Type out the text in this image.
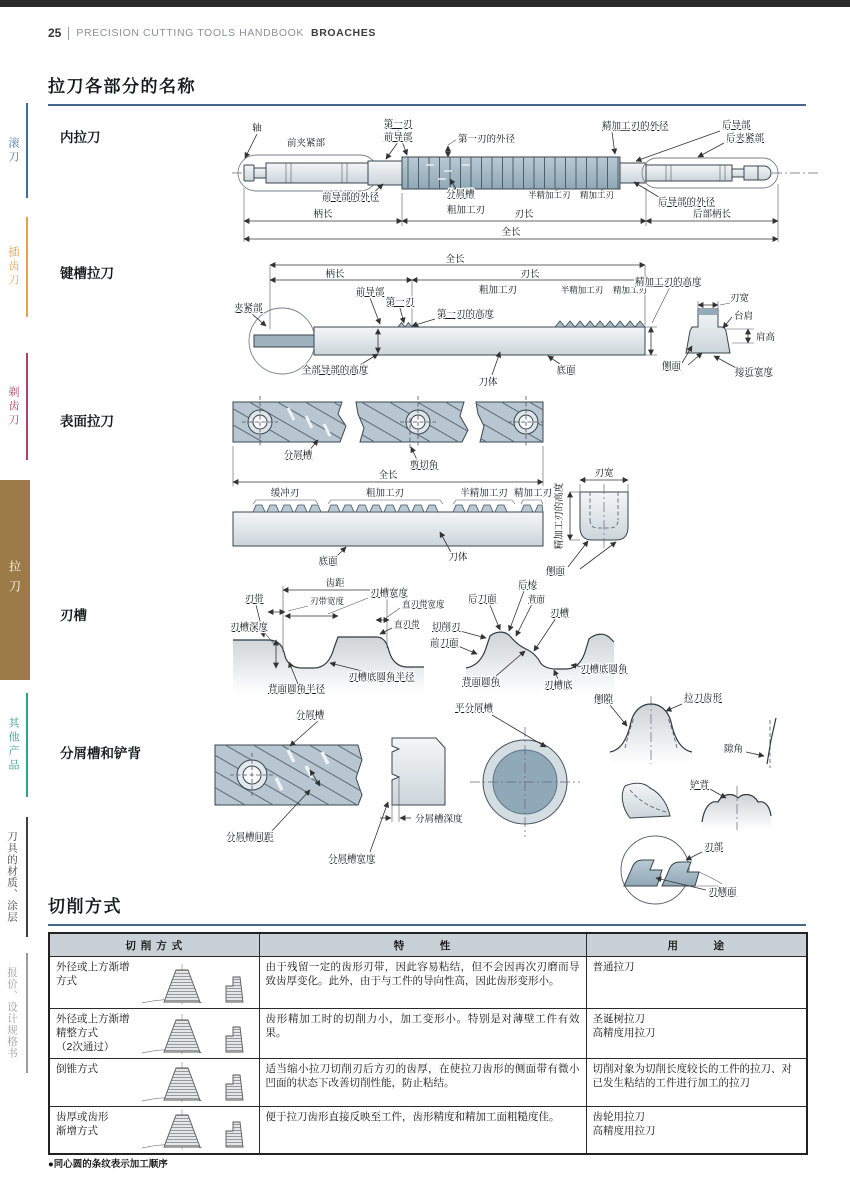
25 PRECISION CUTTING TOOLS HANDBOOK BROACHES
滚刀
插齿刀
剃齿刀
拉刀
其他产品
刀具的材质、涂层
报价、设计规格书
拉刀各部分的名称
内拉刀
轴
前夹紧部
第一刃
前导部	第一刃的外径
精加工刃的外径	后导部
后夹紧部
前导部的外径	分屑槽	半精加工刃 精加工刃
后导部的外径
粗加工刃
柄长	刃长	后部柄长
全长
键槽拉刀
全长
柄长	刃长
前导部	粗加工刃	半精加工刃 精加工刃
第一刃
第一刃的高度
夹紧部
全部导部的高度
刀体
底面
精加工刃的高度
刃宽
台肩
肩高
侧面
接近宽度
表面拉刀
分屑槽
剪切角
全长
缓冲刃	粗加工刃	半精加工刃 精加工刃
底面	刀体
刃宽
精加工刃的高度
侧面
刃槽
齿距
刃带	刃带宽度
刃槽宽度
直刃带宽度
直刃带
刃槽深度
背面圆角半径
刃槽底圆角半径
后刀面
后棱
背面
刃槽
切削刃
前刀面
背面圆角	刃槽底
刃槽底圆角
分屑槽和铲背
分屑槽
分屑槽间距
分屑槽深度
分屑槽宽度
平分屑槽
侧隙	拉刀齿形
隙角
铲背
刃部
刃侧面
切削方式
切 削 方 式	特　　　性	用　　　途

外径或上方渐增
方式	由于残留一定的齿形刃带，因此容易粘结，但不会因再次刃磨而导致齿厚变化。此外，由于与工件的导向性高，因此齿形变形小。	普通拉刀

外径或上方渐增
精整方式
（2次通过）
	齿形精加工时的切削力小，加工变形小。特别是对薄壁工件有效果。	
圣诞树拉刀
高精度用拉刀

倒锥方式	适当缩小拉刀切削刃后方刃的齿厚，在使拉刀齿形的侧面带有微小凹面的状态下改善切削性能，防止粘结。	切削对象为切削长度较长的工件的拉刀、对已发生粘结的工件进行加工的拉刀

齿厚或齿形
渐增方式
	便于拉刀齿形直接反映至工件，齿形精度和精加工面粗糙度佳。	齿轮用拉刀
高精度用拉刀
●同心圆的条纹表示加工顺序
